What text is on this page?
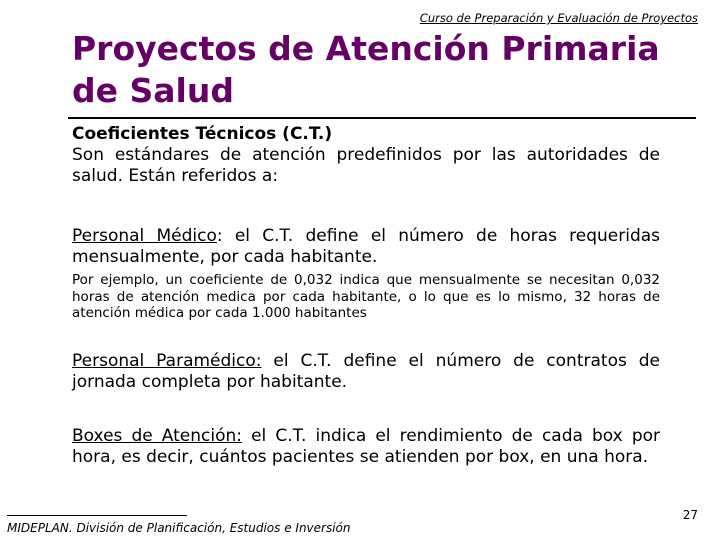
Curso de Preparación y Evaluación de Proyectos
Proyectos de Atención Primaria
de Salud
Coeficientes Técnicos (C.T.)
Son estándares de atención predefinidos por las autoridades de salud. Están referidos a:
Personal Médico: el C.T. define el número de horas requeridas mensualmente, por cada habitante.
Por ejemplo, un coeficiente de 0,032 indica que mensualmente se necesitan 0,032 horas de atención medica por cada habitante, o lo que es lo mismo, 32 horas de atención médica por cada 1.000 habitantes
Personal Paramédico: el C.T. define el número de contratos de jornada completa por habitante.
Boxes de Atención: el C.T. indica el rendimiento de cada box por hora, es decir, cuántos pacientes se atienden por box, en una hora.
MIDEPLAN. División de Planificación, Estudios e Inversión
27
